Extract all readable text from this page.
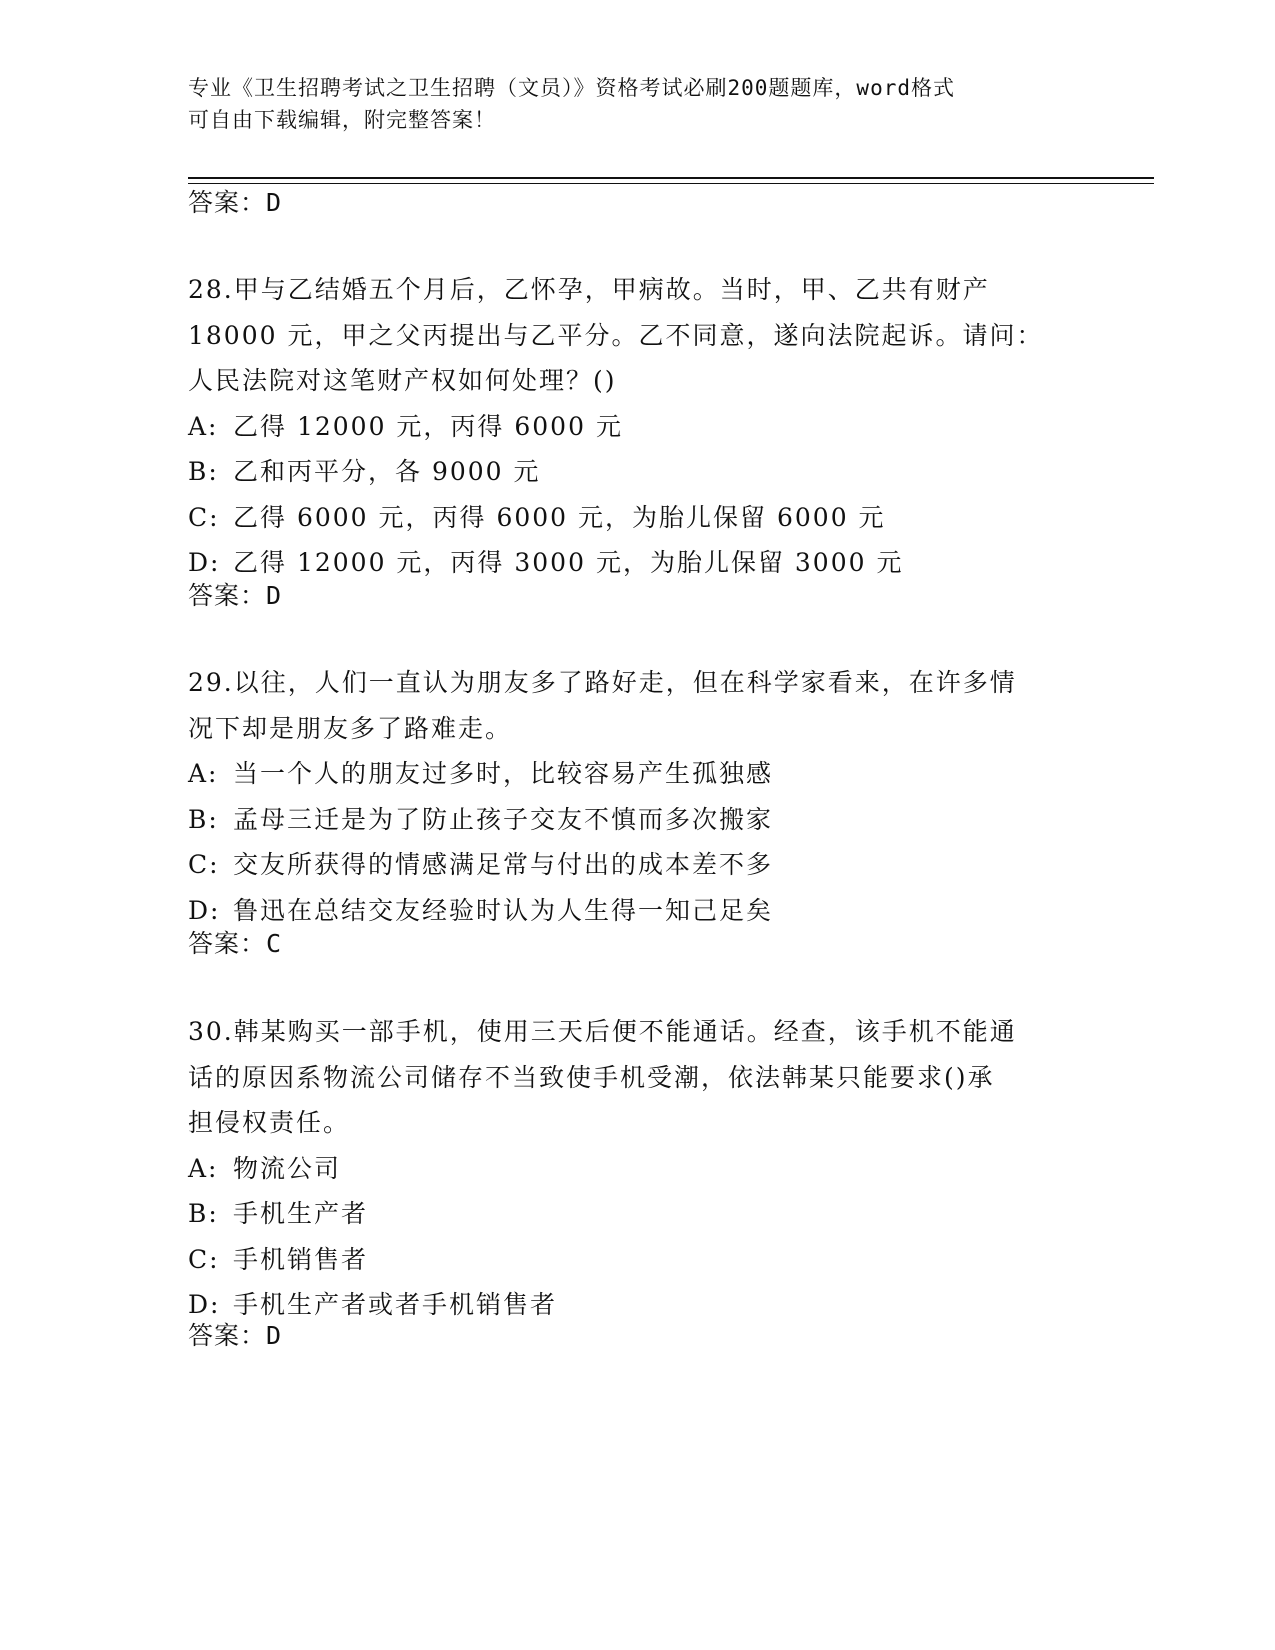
专业《卫生招聘考试之卫生招聘（文员）》资格考试必刷200题题库，word格式
可自由下载编辑，附完整答案！
答案：D
28.甲与乙结婚五个月后，乙怀孕，甲病故。当时，甲、乙共有财产
18000 元，甲之父丙提出与乙平分。乙不同意，遂向法院起诉。请问：
人民法院对这笔财产权如何处理？()
A: 乙得 12000 元，丙得 6000 元
B: 乙和丙平分，各 9000 元
C: 乙得 6000 元，丙得 6000 元，为胎儿保留 6000 元
D: 乙得 12000 元，丙得 3000 元，为胎儿保留 3000 元
答案：D
29.以往，人们一直认为朋友多了路好走，但在科学家看来，在许多情
况下却是朋友多了路难走。
A: 当一个人的朋友过多时，比较容易产生孤独感
B: 孟母三迁是为了防止孩子交友不慎而多次搬家
C: 交友所获得的情感满足常与付出的成本差不多
D: 鲁迅在总结交友经验时认为人生得一知己足矣
答案：C
30.韩某购买一部手机，使用三天后便不能通话。经查，该手机不能通
话的原因系物流公司储存不当致使手机受潮，依法韩某只能要求()承
担侵权责任。
A: 物流公司
B: 手机生产者
C: 手机销售者
D: 手机生产者或者手机销售者
答案：D
